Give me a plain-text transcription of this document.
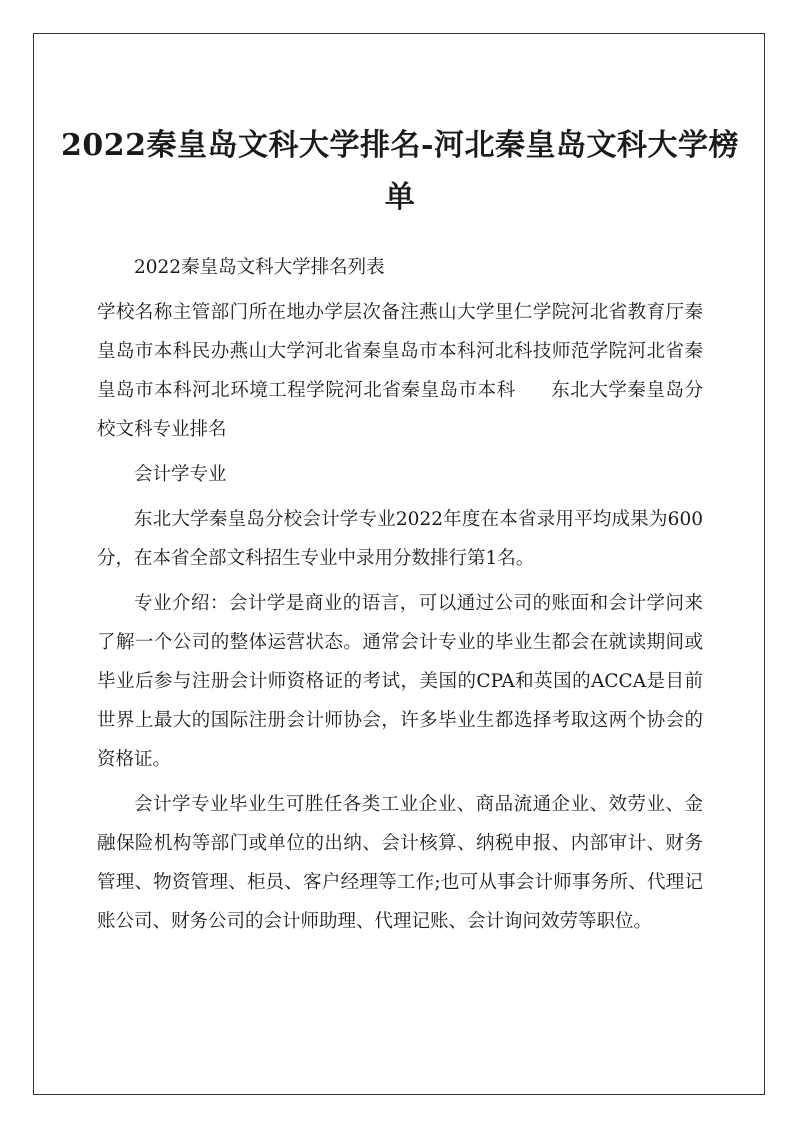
2022秦皇岛文科大学排名-河北秦皇岛文科大学榜单

2022秦皇岛文科大学排名列表

学校名称主管部门所在地办学层次备注燕山大学里仁学院河北省教育厅秦皇岛市本科民办燕山大学河北省秦皇岛市本科河北科技师范学院河北省秦皇岛市本科河北环境工程学院河北省秦皇岛市本科 东北大学秦皇岛分校文科专业排名

会计学专业

东北大学秦皇岛分校会计学专业2022年度在本省录用平均成果为600分，在本省全部文科招生专业中录用分数排行第1名。

专业介绍：会计学是商业的语言，可以通过公司的账面和会计学问来了解一个公司的整体运营状态。通常会计专业的毕业生都会在就读期间或毕业后参与注册会计师资格证的考试，美国的CPA和英国的ACCA是目前世界上最大的国际注册会计师协会，许多毕业生都选择考取这两个协会的资格证。

会计学专业毕业生可胜任各类工业企业、商品流通企业、效劳业、金融保险机构等部门或单位的出纳、会计核算、纳税申报、内部审计、财务管理、物资管理、柜员、客户经理等工作;也可从事会计师事务所、代理记账公司、财务公司的会计师助理、代理记账、会计询问效劳等职位。
